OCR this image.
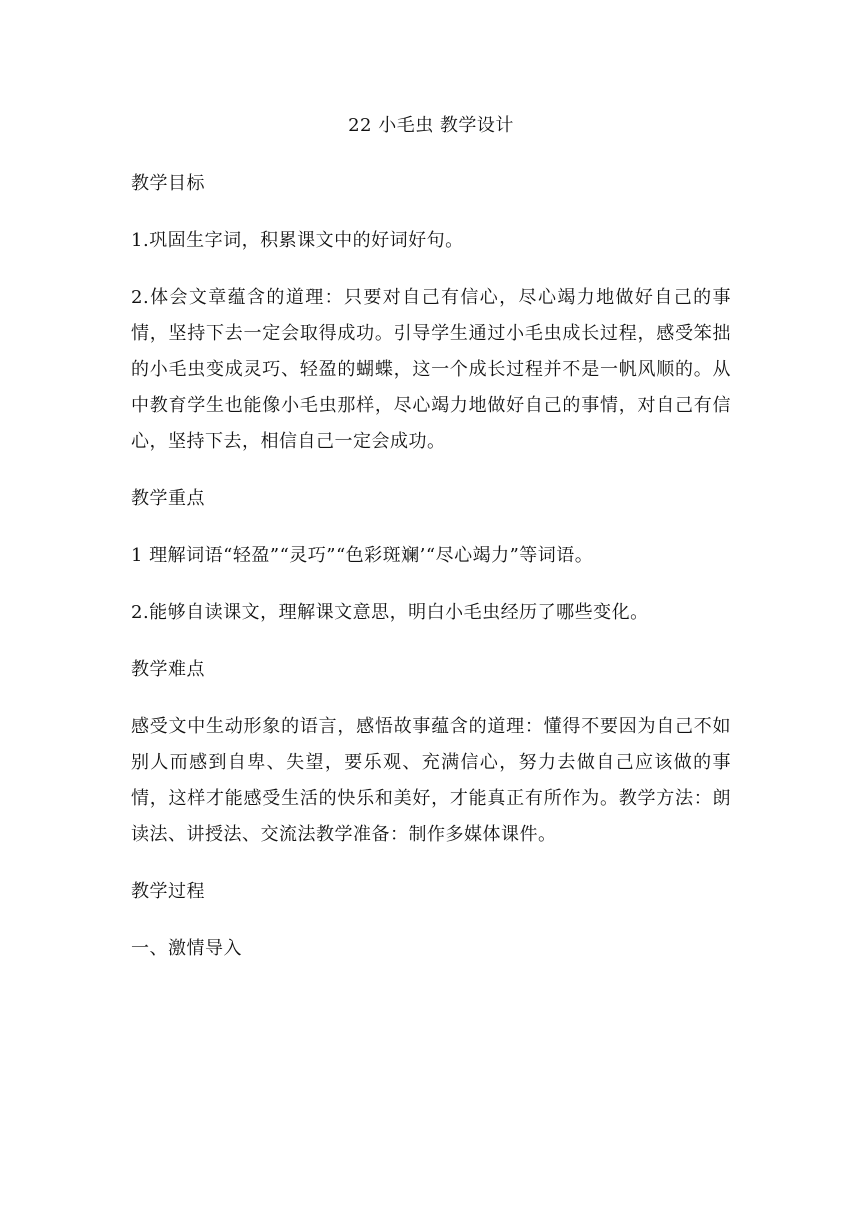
22 小毛虫 教学设计

教学目标

1.巩固生字词，积累课文中的好词好句。

2.体会文章蕴含的道理：只要对自己有信心，尽心竭力地做好自己的事情，坚持下去一定会取得成功。引导学生通过小毛虫成长过程，感受笨拙的小毛虫变成灵巧、轻盈的蝴蝶，这一个成长过程并不是一帆风顺的。从中教育学生也能像小毛虫那样，尽心竭力地做好自己的事情，对自己有信心，坚持下去，相信自己一定会成功。

教学重点

1 理解词语“轻盈”“灵巧”“色彩斑斓’“尽心竭力”等词语。

2.能够自读课文，理解课文意思，明白小毛虫经历了哪些变化。

教学难点

感受文中生动形象的语言，感悟故事蕴含的道理：懂得不要因为自己不如别人而感到自卑、失望，要乐观、充满信心，努力去做自己应该做的事情，这样才能感受生活的快乐和美好，才能真正有所作为。教学方法：朗读法、讲授法、交流法教学准备：制作多媒体课件。

教学过程

一、激情导入
